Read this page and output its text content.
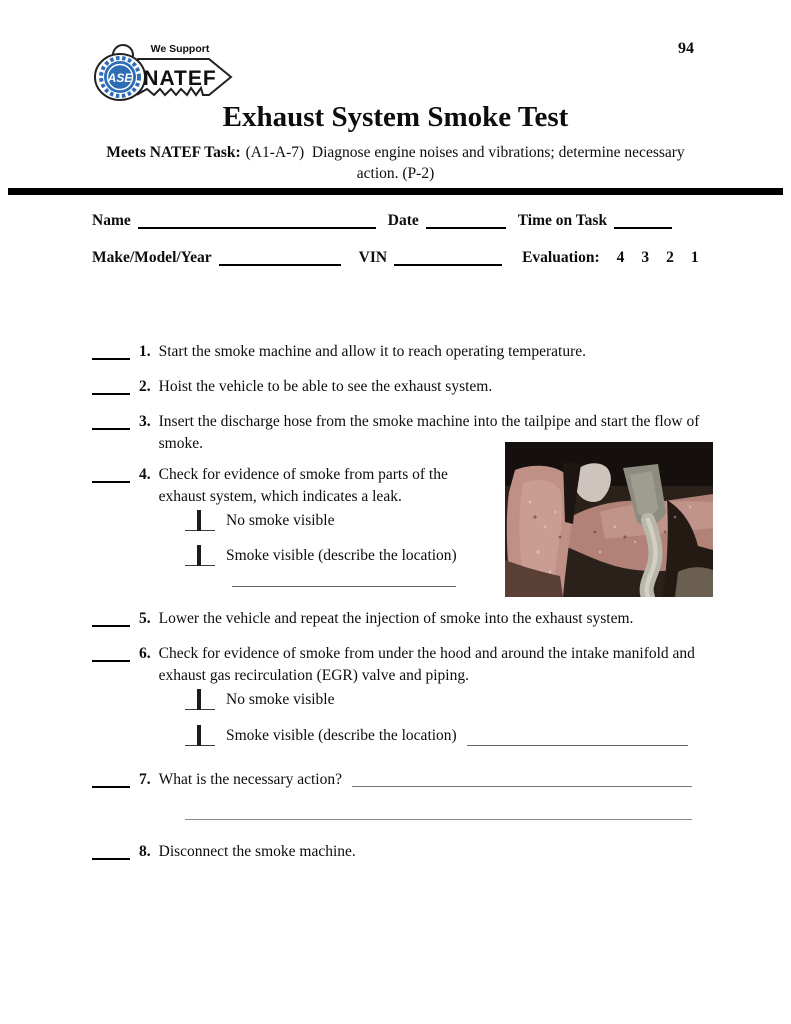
ASE
We Support
NATEF
94
Exhaust System Smoke Test
Meets NATEF Task: (A1-A-7)  Diagnose engine noises and vibrations; determine necessary
action. (P-2)
Name	Date	Time on Task
Make/Model/Year	VIN	Evaluation: 4 3 2 1
1. Start the smoke machine and allow it to reach operating temperature.
2. Hoist the vehicle to be able to see the exhaust system.
3. Insert the discharge hose from the smoke machine into the tailpipe and start the flow of smoke.
4. Check for evidence of smoke from parts of the exhaust system, which indicates a leak.
No smoke visible
Smoke visible (describe the location)
5. Lower the vehicle and repeat the injection of smoke into the exhaust system.
6. Check for evidence of smoke from under the hood and around the intake manifold and exhaust gas recirculation (EGR) valve and piping.
No smoke visible
Smoke visible (describe the location)
7. What is the necessary action?
8. Disconnect the smoke machine.
